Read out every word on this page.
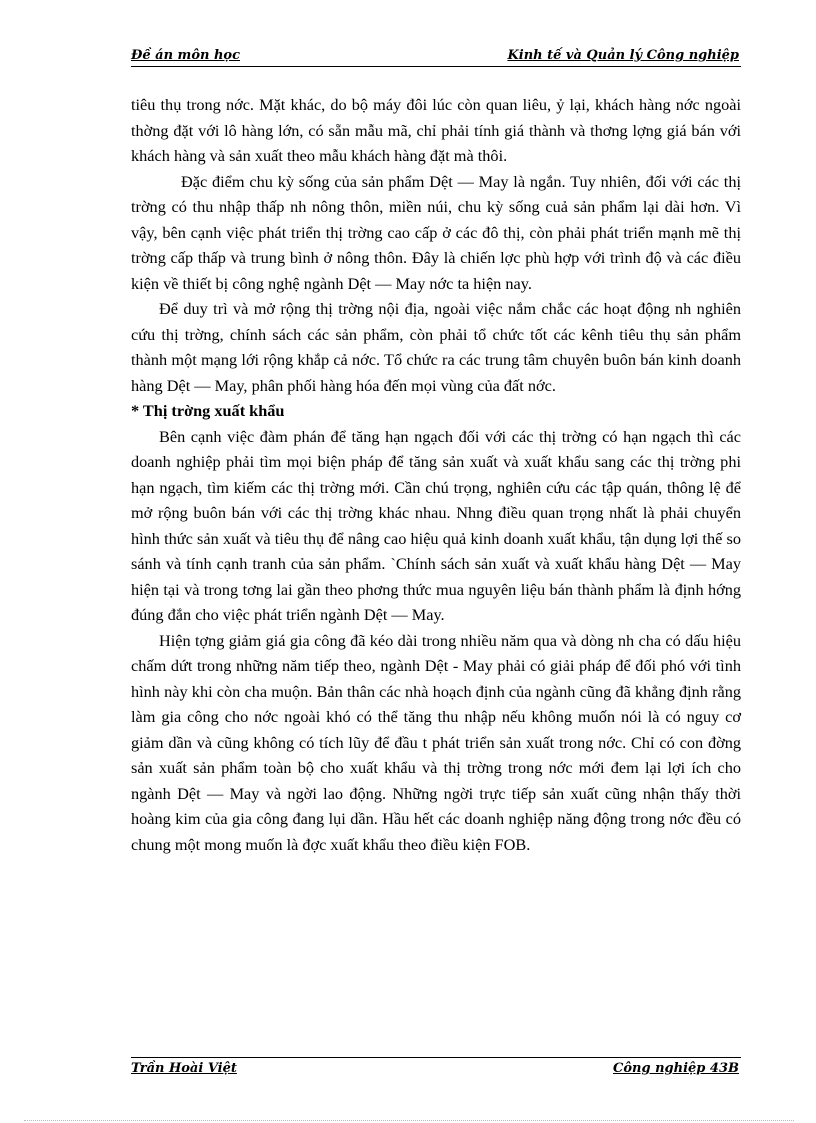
Đề án môn học	Kinh tế và Quản lý Công nghiệp

tiêu thụ trong nớc. Mặt khác, do bộ máy đôi lúc còn quan liêu, ỷ lại, khách hàng nớc ngoài thờng đặt với lô hàng lớn, có sẵn mẫu mã, chỉ phải tính giá thành và thơng lợng giá bán với khách hàng và sản xuất theo mẫu khách hàng đặt mà thôi.

Đặc điểm chu kỳ sống của sản phẩm Dệt — May là ngắn. Tuy nhiên, đối với các thị trờng có thu nhập thấp nh nông thôn, miền núi, chu kỳ sống cuả sản phẩm lại dài hơn. Vì vậy, bên cạnh việc phát triển thị trờng cao cấp ở các đô thị, còn phải phát triển mạnh mẽ thị trờng cấp thấp và trung bình ở nông thôn. Đây là chiến lợc phù hợp với trình độ và các điều kiện về thiết bị công nghệ ngành Dệt — May nớc ta hiện nay.

Để duy trì và mở rộng thị trờng nội địa, ngoài việc nắm chắc các hoạt động nh nghiên cứu thị trờng, chính sách các sản phẩm, còn phải tổ chức tốt các kênh tiêu thụ sản phẩm thành một mạng lới rộng khắp cả nớc. Tổ chức ra các trung tâm chuyên buôn bán kinh doanh hàng Dệt — May, phân phối hàng hóa đến mọi vùng của đất nớc.

* Thị trờng xuất khẩu

Bên cạnh việc đàm phán để tăng hạn ngạch đối với các thị trờng có hạn ngạch thì các doanh nghiệp phải tìm mọi biện pháp để tăng sản xuất và xuất khẩu sang các thị trờng phi hạn ngạch, tìm kiếm các thị trờng mới. Cần chú trọng, nghiên cứu các tập quán, thông lệ để mở rộng buôn bán với các thị trờng khác nhau. Nhng điều quan trọng nhất là phải chuyển hình thức sản xuất và tiêu thụ để nâng cao hiệu quả kinh doanh xuất khẩu, tận dụng lợi thế so sánh và tính cạnh tranh của sản phẩm. `Chính sách sản xuất và xuất khẩu hàng Dệt — May hiện tại và trong tơng lai gần theo phơng thức mua nguyên liệu bán thành phẩm là định hớng đúng đắn cho việc phát triển ngành Dệt — May.

Hiện tợng giảm giá gia công đã kéo dài trong nhiều năm qua và dòng nh cha có dấu hiệu chấm dứt trong những năm tiếp theo, ngành Dệt - May phải có giải pháp để đối phó với tình hình này khi còn cha muộn. Bản thân các nhà hoạch định của ngành cũng đã khẳng định rằng làm gia công cho nớc ngoài khó có thể tăng thu nhập nếu không muốn nói là có nguy cơ giảm dần và cũng không có tích lũy để đầu t phát triển sản xuất trong nớc. Chỉ có con đờng sản xuất sản phẩm toàn bộ cho xuất khẩu và thị trờng trong nớc mới đem lại lợi ích cho ngành Dệt — May và ngời lao động. Những ngời trực tiếp sản xuất cũng nhận thấy thời hoàng kim của gia công đang lụi dần. Hầu hết các doanh nghiệp năng động trong nớc đều có chung một mong muốn là đợc xuất khẩu theo điều kiện FOB.

Trần Hoài Việt	Công nghiệp 43B
